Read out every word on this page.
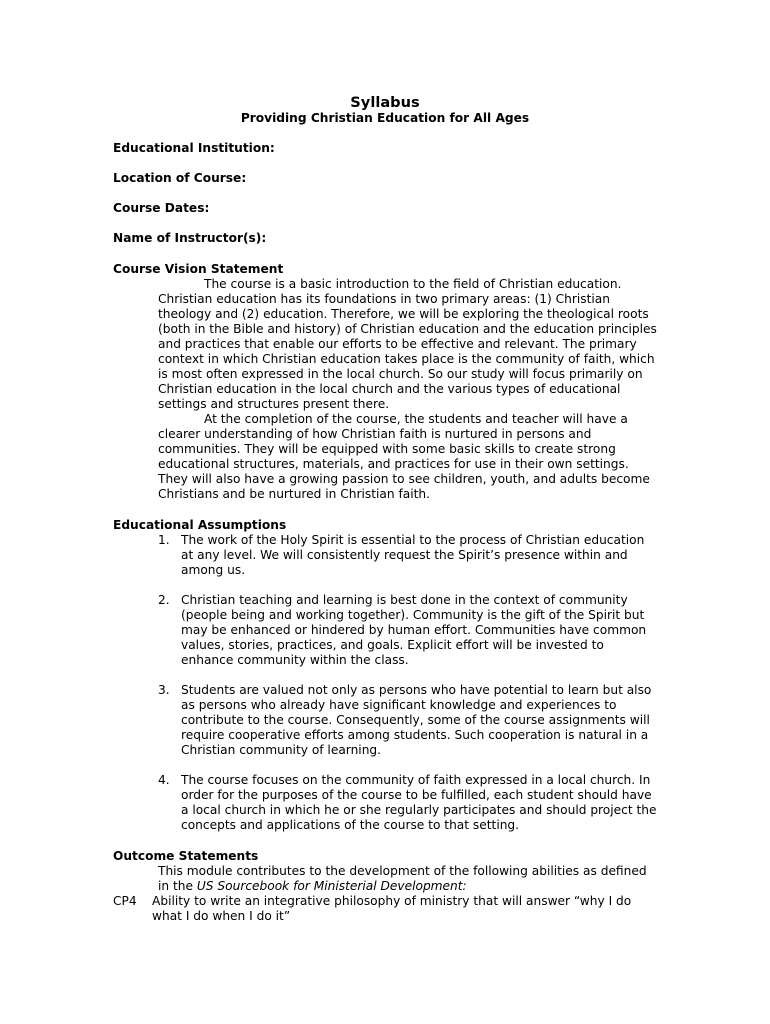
Syllabus
Providing Christian Education for All Ages
Educational Institution:
Location of Course:
Course Dates:
Name of Instructor(s):
Course Vision Statement

The course is a basic introduction to the field of Christian education. Christian education has its foundations in two primary areas: (1) Christian theology and (2) education. Therefore, we will be exploring the theological roots (both in the Bible and history) of Christian education and the education principles and practices that enable our efforts to be effective and relevant. The primary context in which Christian education takes place is the community of faith, which is most often expressed in the local church. So our study will focus primarily on Christian education in the local church and the various types of educational settings and structures present there.

At the completion of the course, the students and teacher will have a clearer understanding of how Christian faith is nurtured in persons and communities. They will be equipped with some basic skills to create strong educational structures, materials, and practices for use in their own settings. They will also have a growing passion to see children, youth, and adults become Christians and be nurtured in Christian faith.

Educational Assumptions
1. The work of the Holy Spirit is essential to the process of Christian education at any level. We will consistently request the Spirit’s presence within and among us.

2. Christian teaching and learning is best done in the context of community (people being and working together). Community is the gift of the Spirit but may be enhanced or hindered by human effort. Communities have common values, stories, practices, and goals. Explicit effort will be invested to enhance community within the class.

3. Students are valued not only as persons who have potential to learn but also as persons who already have significant knowledge and experiences to contribute to the course. Consequently, some of the course assignments will require cooperative efforts among students. Such cooperation is natural in a Christian community of learning.

4. The course focuses on the community of faith expressed in a local church. In order for the purposes of the course to be fulfilled, each student should have a local church in which he or she regularly participates and should project the concepts and applications of the course to that setting.

Outcome Statements
This module contributes to the development of the following abilities as defined in the US Sourcebook for Ministerial Development:
CP4	Ability to write an integrative philosophy of ministry that will answer “why I do what I do when I do it”
